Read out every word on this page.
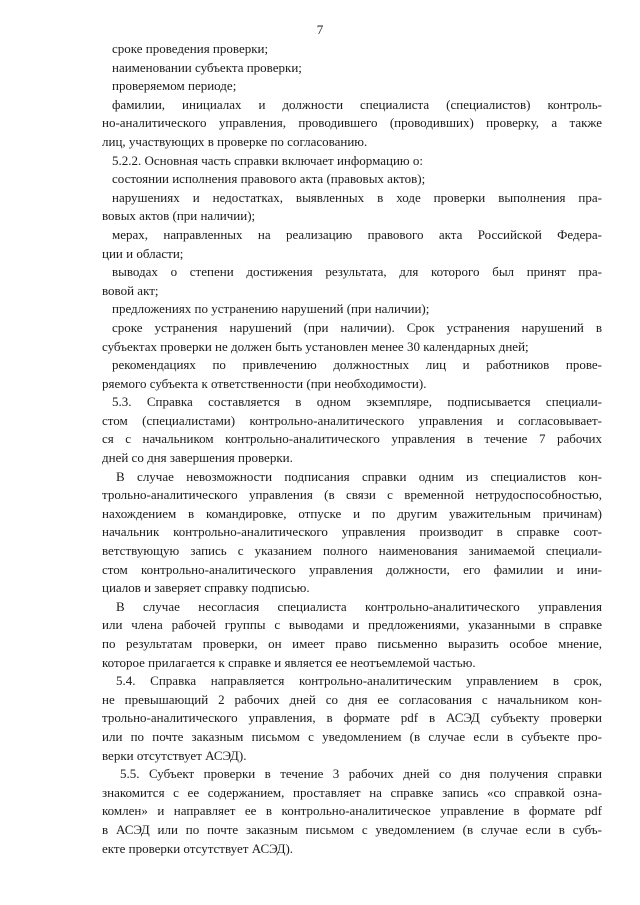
7
сроке проведения проверки;
наименовании субъекта проверки;
проверяемом периоде;
фамилии, инициалах и должности специалиста (специалистов) контроль-
но-аналитического управления, проводившего (проводивших) проверку, а также
лиц, участвующих в проверке по согласованию.
5.2.2. Основная часть справки включает информацию о:
состоянии исполнения правового акта (правовых актов);
нарушениях и недостатках, выявленных в ходе проверки выполнения пра-
вовых актов (при наличии);
мерах, направленных на реализацию правового акта Российской Федера-
ции и области;
выводах о степени достижения результата, для которого был принят пра-
вовой акт;
предложениях по устранению нарушений (при наличии);
сроке устранения нарушений (при наличии). Срок устранения нарушений в
субъектах проверки не должен быть установлен менее 30 календарных дней;
рекомендациях по привлечению должностных лиц и работников прове-
ряемого субъекта к ответственности (при необходимости).
5.3. Справка составляется в одном экземпляре, подписывается специали-
стом (специалистами) контрольно-аналитического управления и согласовывает-
ся с начальником контрольно-аналитического управления в течение 7 рабочих
дней со дня завершения проверки.
В случае невозможности подписания справки одним из специалистов кон-
трольно-аналитического управления (в связи с временной нетрудоспособностью,
нахождением в командировке, отпуске и по другим уважительным причинам)
начальник контрольно-аналитического управления производит в справке соот-
ветствующую запись с указанием полного наименования занимаемой специали-
стом контрольно-аналитического управления должности, его фамилии и ини-
циалов и заверяет справку подписью.
В случае несогласия специалиста контрольно-аналитического управления
или члена рабочей группы с выводами и предложениями, указанными в справке
по результатам проверки, он имеет право письменно выразить особое мнение,
которое прилагается к справке и является ее неотъемлемой частью.
5.4. Справка направляется контрольно-аналитическим управлением в срок,
не превышающий 2 рабочих дней со дня ее согласования с начальником кон-
трольно-аналитического управления, в формате pdf в АСЭД субъекту проверки
или по почте заказным письмом с уведомлением (в случае если в субъекте про-
верки отсутствует АСЭД).
5.5. Субъект проверки в течение 3 рабочих дней со дня получения справки
знакомится с ее содержанием, проставляет на справке запись «со справкой озна-
комлен» и направляет ее в контрольно-аналитическое управление в формате pdf
в АСЭД или по почте заказным письмом с уведомлением (в случае если в субъ-
екте проверки отсутствует АСЭД).
